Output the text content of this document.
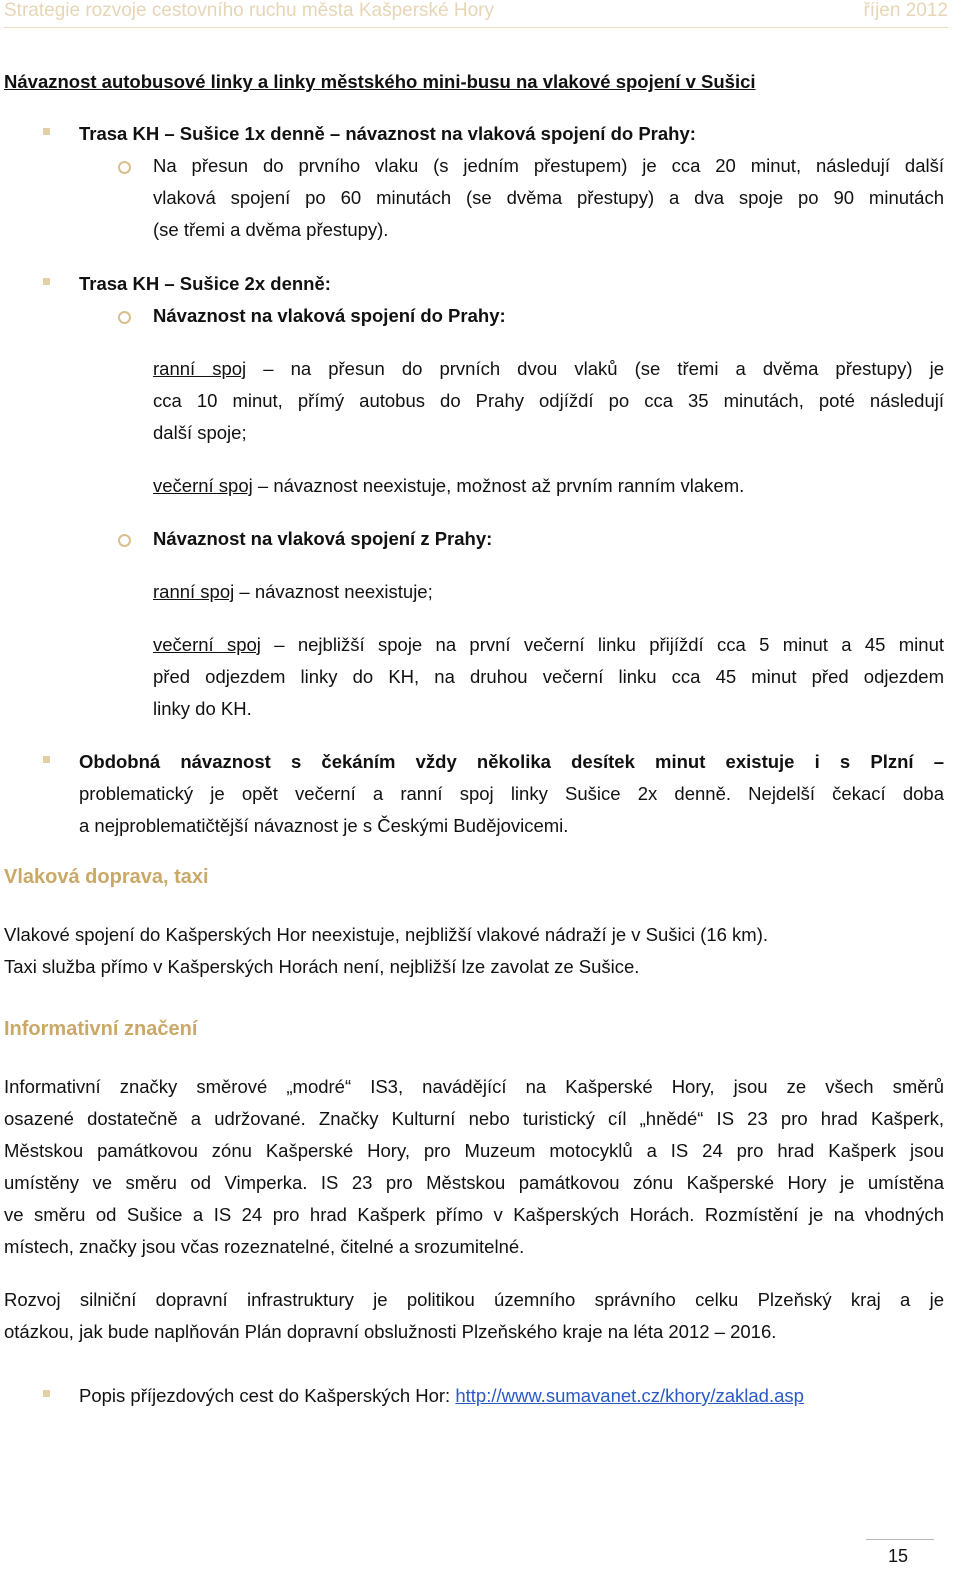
Strategie rozvoje cestovního ruchu města Kašperské Hory	říjen 2012
Návaznost autobusové linky a linky městského mini-busu na vlakové spojení v Sušici
Trasa KH – Sušice 1x denně – návaznost na vlaková spojení do Prahy:
Na přesun do prvního vlaku (s jedním přestupem) je cca 20 minut, následují další
vlaková spojení po 60 minutách (se dvěma přestupy) a dva spoje po 90 minutách
(se třemi a dvěma přestupy).
Trasa KH – Sušice 2x denně:
Návaznost na vlaková spojení do Prahy:
ranní spoj – na přesun do prvních dvou vlaků (se třemi a dvěma přestupy) je
cca 10 minut, přímý autobus do Prahy odjíždí po cca 35 minutách, poté následují
další spoje;
večerní spoj – návaznost neexistuje, možnost až prvním ranním vlakem.
Návaznost na vlaková spojení z Prahy:
ranní spoj – návaznost neexistuje;
večerní spoj – nejbližší spoje na první večerní linku přijíždí cca 5 minut a 45 minut
před odjezdem linky do KH, na druhou večerní linku cca 45 minut před odjezdem
linky do KH.
Obdobná návaznost s čekáním vždy několika desítek minut existuje i s Plzní –
problematický je opět večerní a ranní spoj linky Sušice 2x denně. Nejdelší čekací doba
a nejproblematičtější návaznost je s Českými Budějovicemi.
Vlaková doprava, taxi
Vlakové spojení do Kašperských Hor neexistuje, nejbližší vlakové nádraží je v Sušici (16 km).
Taxi služba přímo v Kašperských Horách není, nejbližší lze zavolat ze Sušice.
Informativní značení
Informativní značky směrové „modré“ IS3, navádějící na Kašperské Hory, jsou ze všech směrů
osazené dostatečně a udržované. Značky Kulturní nebo turistický cíl „hnědé“ IS 23 pro hrad Kašperk,
Městskou památkovou zónu Kašperské Hory, pro Muzeum motocyklů a IS 24 pro hrad Kašperk jsou
umístěny ve směru od Vimperka. IS 23 pro Městskou památkovou zónu Kašperské Hory je umístěna
ve směru od Sušice a IS 24 pro hrad Kašperk přímo v Kašperských Horách. Rozmístění je na vhodných
místech, značky jsou včas rozeznatelné, čitelné a srozumitelné.
Rozvoj silniční dopravní infrastruktury je politikou územního správního celku Plzeňský kraj a je
otázkou, jak bude naplňován Plán dopravní obslužnosti Plzeňského kraje na léta 2012 – 2016.
Popis příjezdových cest do Kašperských Hor: http://www.sumavanet.cz/khory/zaklad.asp
15
